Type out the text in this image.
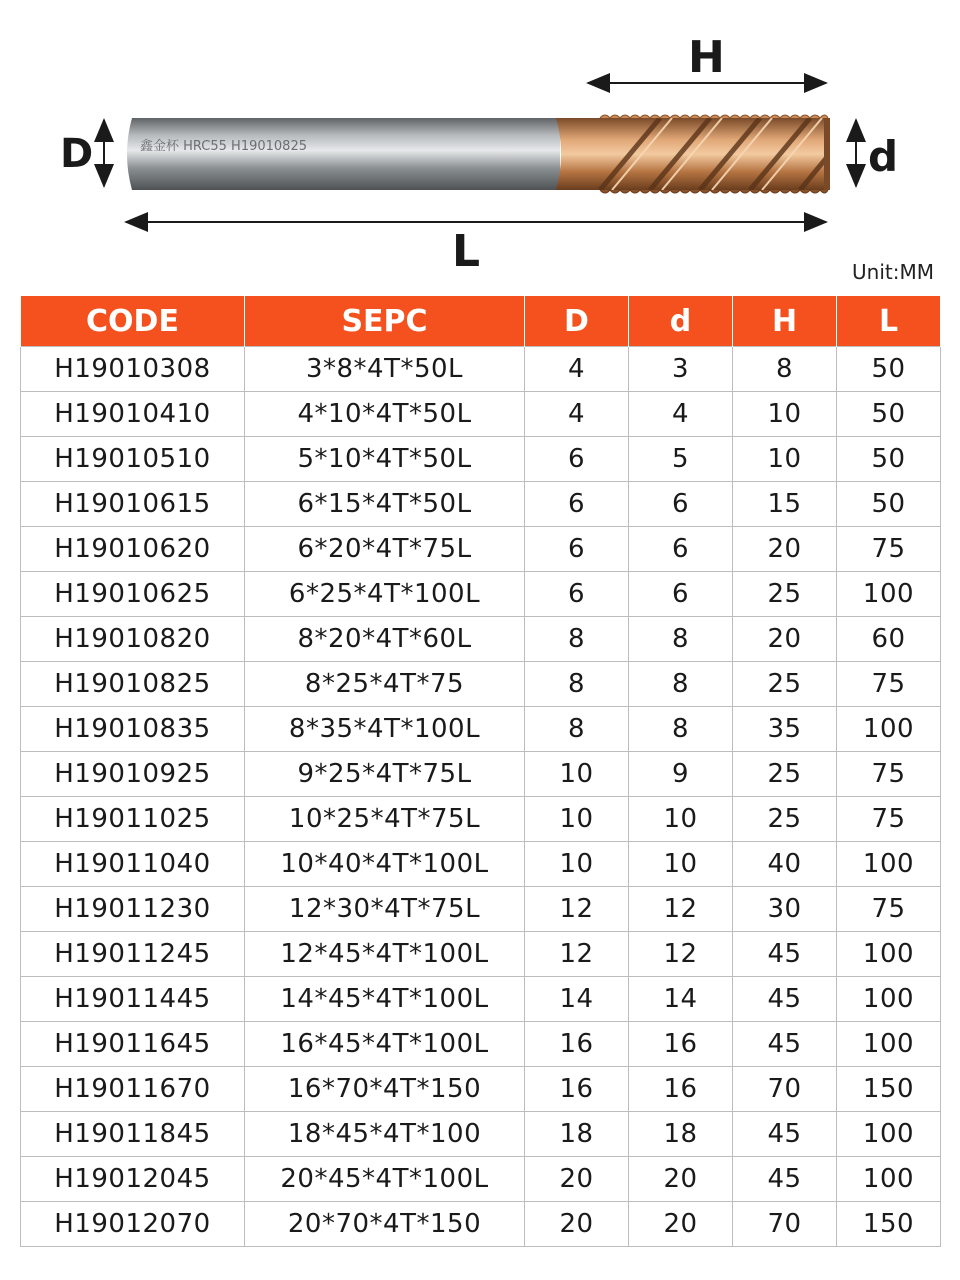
鑫金杯 HRC55 H19010825
D	d
H
L	Unit:MM
CODE	SEPC	D	d	H	L
H19010308	3*8*4T*50L	4	3	8	50
H19010410	4*10*4T*50L	4	4	10	50
H19010510	5*10*4T*50L	6	5	10	50
H19010615	6*15*4T*50L	6	6	15	50
H19010620	6*20*4T*75L	6	6	20	75
H19010625	6*25*4T*100L	6	6	25	100
H19010820	8*20*4T*60L	8	8	20	60
H19010825	8*25*4T*75	8	8	25	75
H19010835	8*35*4T*100L	8	8	35	100
H19010925	9*25*4T*75L	10	9	25	75
H19011025	10*25*4T*75L	10	10	25	75
H19011040	10*40*4T*100L	10	10	40	100
H19011230	12*30*4T*75L	12	12	30	75
H19011245	12*45*4T*100L	12	12	45	100
H19011445	14*45*4T*100L	14	14	45	100
H19011645	16*45*4T*100L	16	16	45	100
H19011670	16*70*4T*150	16	16	70	150
H19011845	18*45*4T*100	18	18	45	100
H19012045	20*45*4T*100L	20	20	45	100
H19012070	20*70*4T*150	20	20	70	150
